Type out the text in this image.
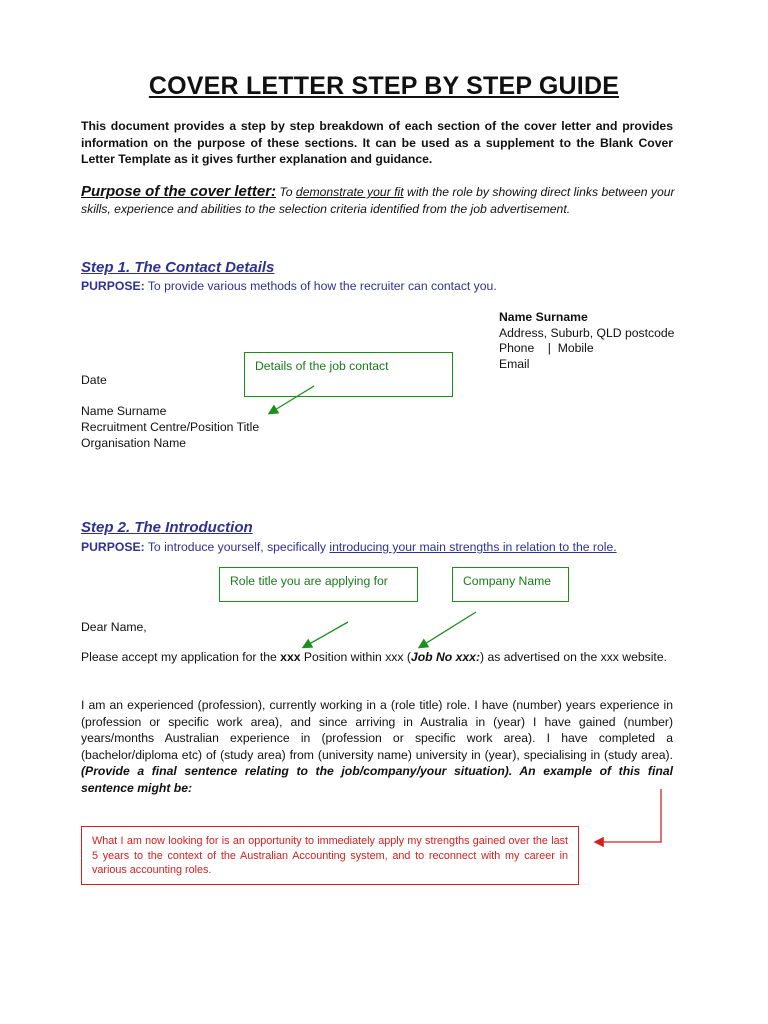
COVER LETTER STEP BY STEP GUIDE
This document provides a step by step breakdown of each section of the cover letter and provides information on the purpose of these sections. It can be used as a supplement to the Blank Cover Letter Template as it gives further explanation and guidance.
Purpose of the cover letter: To demonstrate your fit with the role by showing direct links between your skills, experience and abilities to the selection criteria identified from the job advertisement.
Step 1. The Contact Details
PURPOSE: To provide various methods of how the recruiter can contact you.
Name Surname
Address, Suburb, QLD postcode
Phone    |  Mobile
Email
Details of the job contact
Date
Name Surname
Recruitment Centre/Position Title
Organisation Name
Step 2. The Introduction
PURPOSE: To introduce yourself, specifically introducing your main strengths in relation to the role.
Role title you are applying for	Company Name
Dear Name,
Please accept my application for the xxx Position within xxx (Job No xxx:) as advertised on the xxx website.
I am an experienced (profession), currently working in a (role title) role. I have (number) years experience in (profession or specific work area), and since arriving in Australia in (year) I have gained (number) years/months Australian experience in (profession or specific work area). I have completed a (bachelor/diploma etc) of (study area) from (university name) university in (year), specialising in (study area). (Provide a final sentence relating to the job/company/your situation). An example of this final sentence might be:
What I am now looking for is an opportunity to immediately apply my strengths gained over the last 5 years to the context of the Australian Accounting system, and to reconnect with my career in various accounting roles.
